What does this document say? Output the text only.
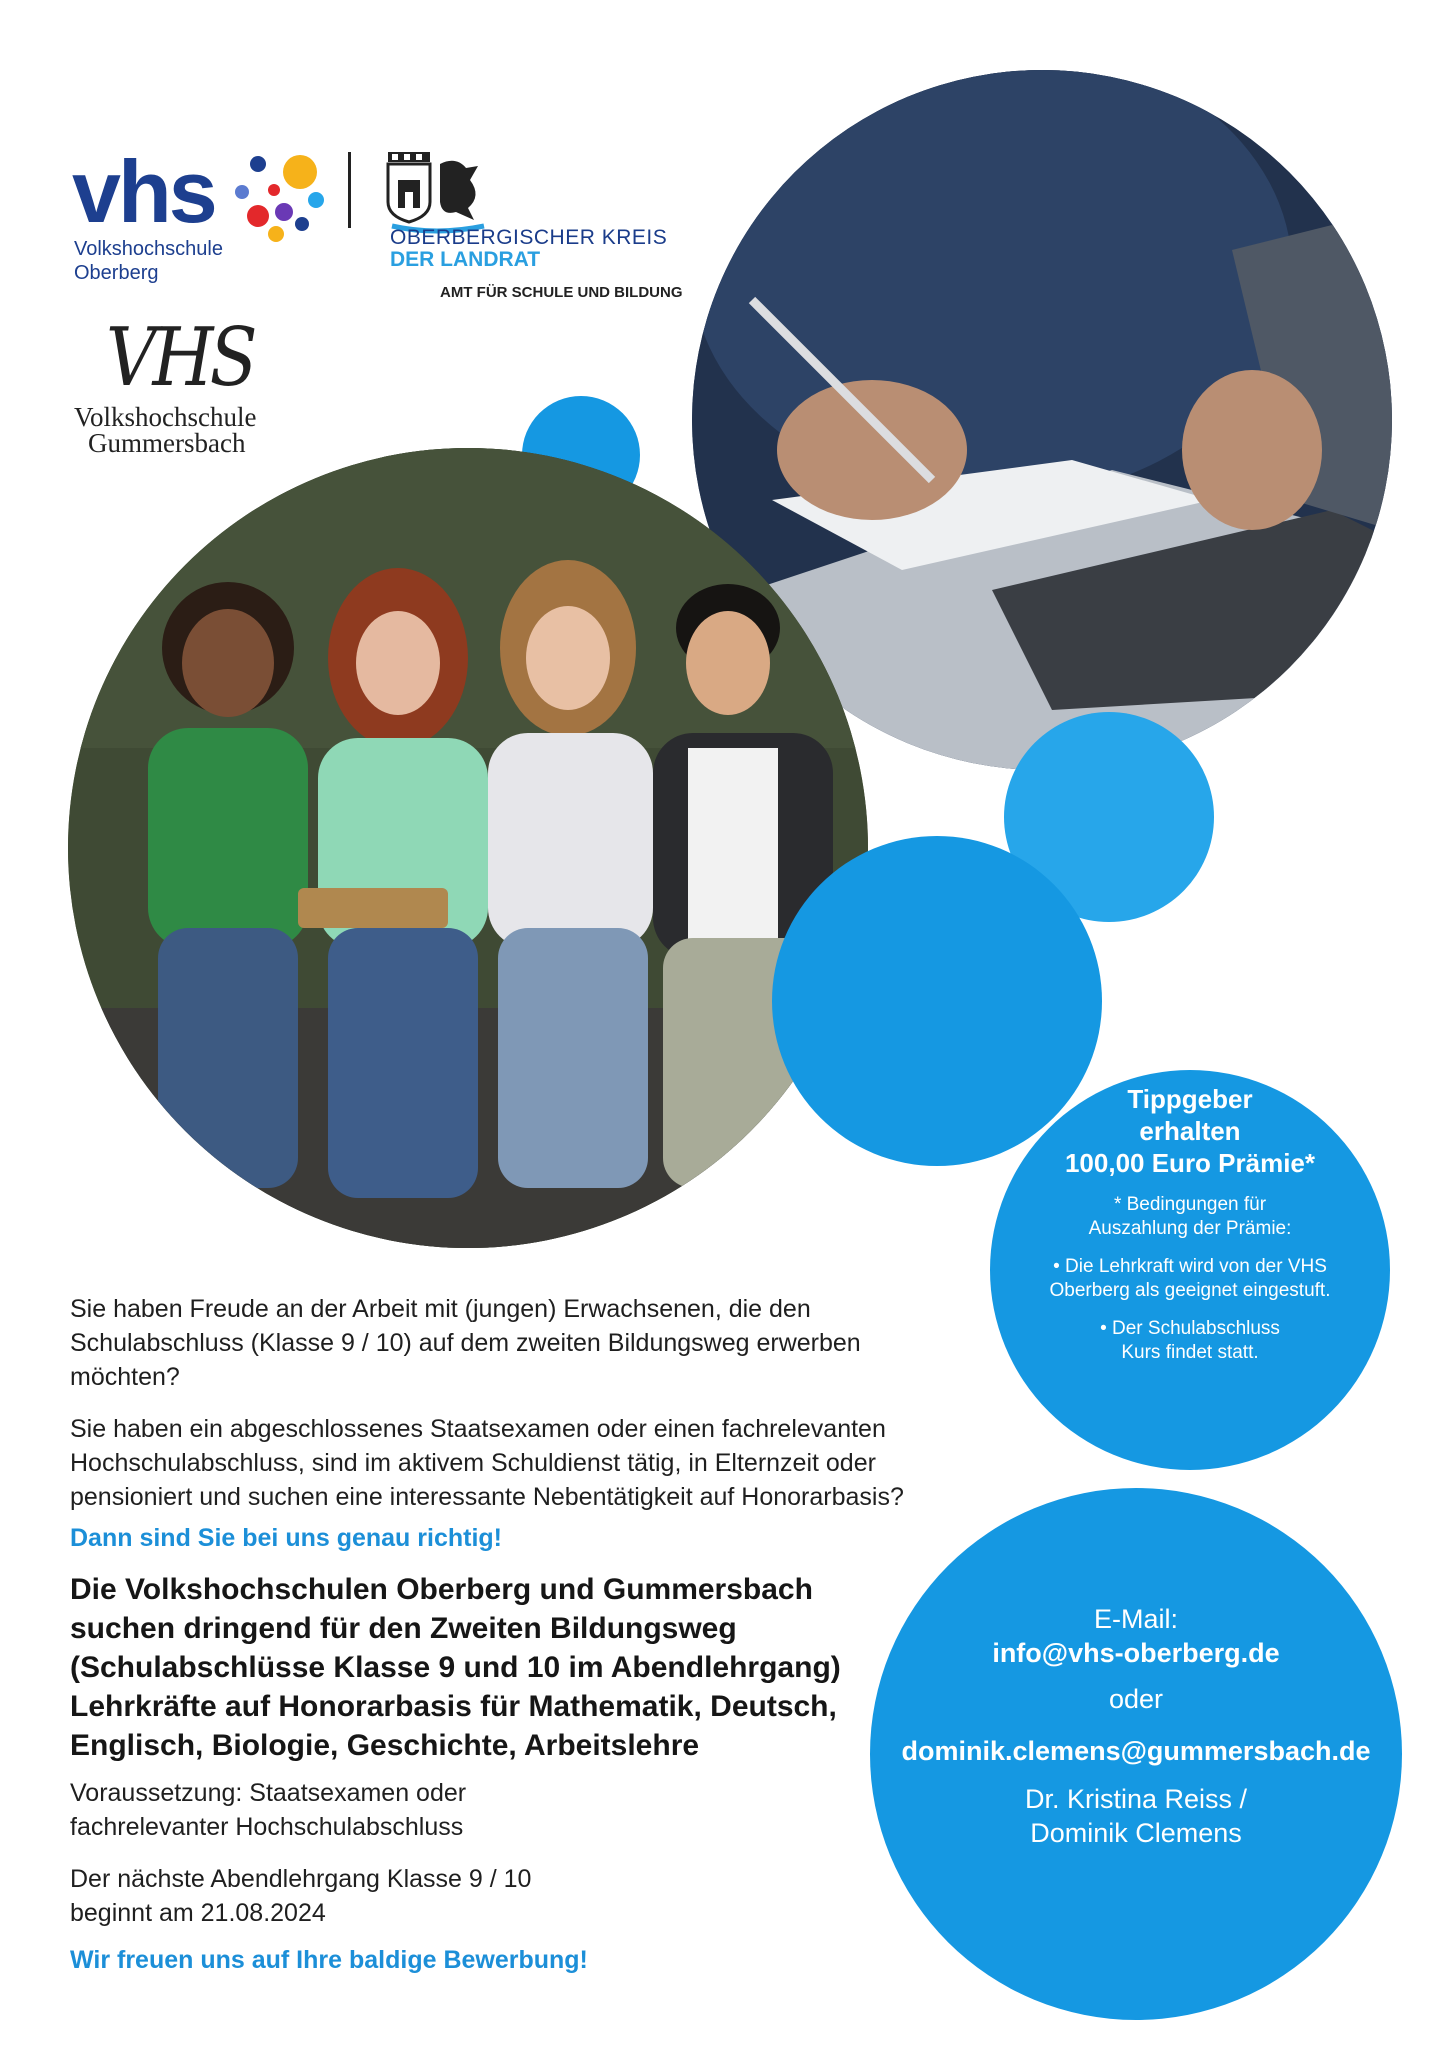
vhs
Volkshochschule
Oberberg
OBERBERGISCHER KREIS
DER LANDRAT
AMT FÜR SCHULE UND BILDUNG
VHS
Volkshochschule
Gummersbach
Tippgeber
erhalten
100,00 Euro Prämie*
* Bedingungen für
Auszahlung der Prämie:
• Die Lehrkraft wird von der VHS
Oberberg als geeignet eingestuft.
• Der Schulabschluss
Kurs findet statt.
E-Mail:
info@vhs-oberberg.de
oder
dominik.clemens@gummersbach.de
Dr. Kristina Reiss /
Dominik Clemens
Sie haben Freude an der Arbeit mit (jungen) Erwachsenen, die den
Schulabschluss (Klasse 9 / 10) auf dem zweiten Bildungsweg erwerben
möchten?
Sie haben ein abgeschlossenes Staatsexamen oder einen fachrelevanten
Hochschulabschluss, sind im aktivem Schuldienst tätig, in Elternzeit oder
pensioniert und suchen eine interessante Nebentätigkeit auf Honorarbasis?
Dann sind Sie bei uns genau richtig!
Die Volkshochschulen Oberberg und Gummersbach
suchen dringend für den Zweiten Bildungsweg
(Schulabschlüsse Klasse 9 und 10 im Abendlehrgang)
Lehrkräfte auf Honorarbasis für Mathematik, Deutsch,
Englisch, Biologie, Geschichte, Arbeitslehre
Voraussetzung: Staatsexamen oder
fachrelevanter Hochschulabschluss
Der nächste Abendlehrgang Klasse 9 / 10
beginnt am 21.08.2024
Wir freuen uns auf Ihre baldige Bewerbung!
